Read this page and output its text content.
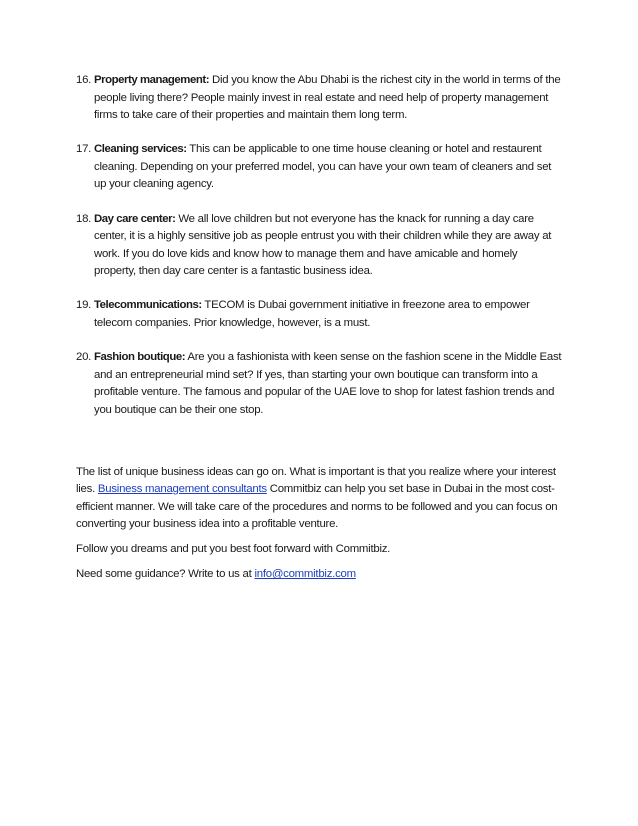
16. Property management: Did you know the Abu Dhabi is the richest city in the world in terms of the people living there? People mainly invest in real estate and need help of property management firms to take care of their properties and maintain them long term.
17. Cleaning services: This can be applicable to one time house cleaning or hotel and restaurent cleaning. Depending on your preferred model, you can have your own team of cleaners and set up your cleaning agency.
18. Day care center: We all love children but not everyone has the knack for running a day care center, it is a highly sensitive job as people entrust you with their children while they are away at work. If you do love kids and know how to manage them and have amicable and homely property, then day care center is a fantastic business idea.
19. Telecommunications: TECOM is Dubai government initiative in freezone area to empower telecom companies. Prior knowledge, however, is a must.
20. Fashion boutique: Are you a fashionista with keen sense on the fashion scene in the Middle East and an entrepreneurial mind set? If yes, than starting your own boutique can transform into a profitable venture. The famous and popular of the UAE love to shop for latest fashion trends and you boutique can be their one stop.

The list of unique business ideas can go on. What is important is that you realize where your interest lies. Business management consultants Commitbiz can help you set base in Dubai in the most cost-efficient manner. We will take care of the procedures and norms to be followed and you can focus on converting your business idea into a profitable venture.

Follow you dreams and put you best foot forward with Commitbiz.

Need some guidance? Write to us at info@commitbiz.com
